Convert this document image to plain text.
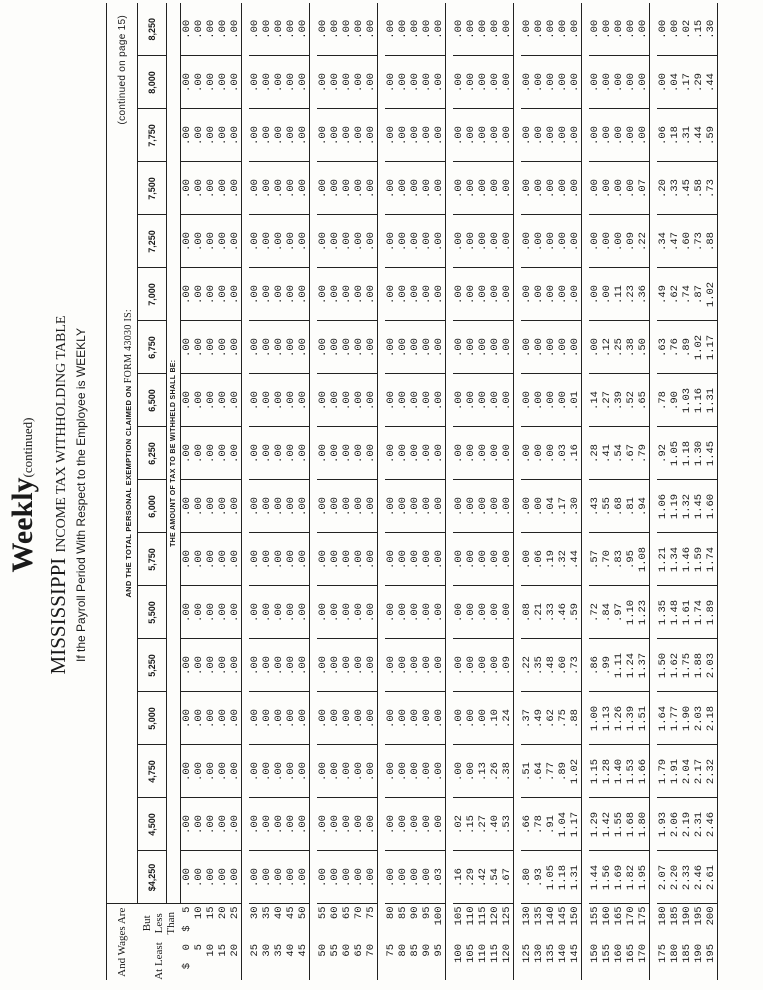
Weekly(continued)
MISSISSIPPI INCOME TAX WITHHOLDING TABLE If the Payroll Period With Respect to the Employee is WEEKLY
And Wages Are		AND THE TOTAL PERSONAL EXEMPTION CLAIMED ON FORM 43030 IS:
(continued on page 15)																

At Least	But Less Than	$4,250	4,500	4,750	5,000	5,250	5,500	5,750	6,000	6,250	6,500	6,750	7,000	7,250	7,500	7,750	8,000	8,250
		THE AMOUNT OF TAX TO BE WITHHELD SHALL BE:																
$  0	$  5	.00	.00	.00	.00	.00	.00	.00	.00	.00	.00	.00	.00	.00	.00	.00	.00	.00
5	10	.00	.00	.00	.00	.00	.00	.00	.00	.00	.00	.00	.00	.00	.00	.00	.00	.00
10	15	.00	.00	.00	.00	.00	.00	.00	.00	.00	.00	.00	.00	.00	.00	.00	.00	.00
15	20	.00	.00	.00	.00	.00	.00	.00	.00	.00	.00	.00	.00	.00	.00	.00	.00	.00
20	25	.00	.00	.00	.00	.00	.00	.00	.00	.00	.00	.00	.00	.00	.00	.00	.00	.00

25	30	.00	.00	.00	.00	.00	.00	.00	.00	.00	.00	.00	.00	.00	.00	.00	.00	.00
30	35	.00	.00	.00	.00	.00	.00	.00	.00	.00	.00	.00	.00	.00	.00	.00	.00	.00
35	40	.00	.00	.00	.00	.00	.00	.00	.00	.00	.00	.00	.00	.00	.00	.00	.00	.00
40	45	.00	.00	.00	.00	.00	.00	.00	.00	.00	.00	.00	.00	.00	.00	.00	.00	.00
45	50	.00	.00	.00	.00	.00	.00	.00	.00	.00	.00	.00	.00	.00	.00	.00	.00	.00

50	55	.00	.00	.00	.00	.00	.00	.00	.00	.00	.00	.00	.00	.00	.00	.00	.00	.00
55	60	.00	.00	.00	.00	.00	.00	.00	.00	.00	.00	.00	.00	.00	.00	.00	.00	.00
60	65	.00	.00	.00	.00	.00	.00	.00	.00	.00	.00	.00	.00	.00	.00	.00	.00	.00
65	70	.00	.00	.00	.00	.00	.00	.00	.00	.00	.00	.00	.00	.00	.00	.00	.00	.00
70	75	.00	.00	.00	.00	.00	.00	.00	.00	.00	.00	.00	.00	.00	.00	.00	.00	.00

75	80	.00	.00	.00	.00	.00	.00	.00	.00	.00	.00	.00	.00	.00	.00	.00	.00	.00
80	85	.00	.00	.00	.00	.00	.00	.00	.00	.00	.00	.00	.00	.00	.00	.00	.00	.00
85	90	.00	.00	.00	.00	.00	.00	.00	.00	.00	.00	.00	.00	.00	.00	.00	.00	.00
90	95	.00	.00	.00	.00	.00	.00	.00	.00	.00	.00	.00	.00	.00	.00	.00	.00	.00
95	100	.03	.00	.00	.00	.00	.00	.00	.00	.00	.00	.00	.00	.00	.00	.00	.00	.00

100	105	.16	.02	.00	.00	.00	.00	.00	.00	.00	.00	.00	.00	.00	.00	.00	.00	.00
105	110	.29	.15	.00	.00	.00	.00	.00	.00	.00	.00	.00	.00	.00	.00	.00	.00	.00
110	115	.42	.27	.13	.00	.00	.00	.00	.00	.00	.00	.00	.00	.00	.00	.00	.00	.00
115	120	.54	.40	.26	.10	.00	.00	.00	.00	.00	.00	.00	.00	.00	.00	.00	.00	.00
120	125	.67	.53	.38	.24	.09	.00	.00	.00	.00	.00	.00	.00	.00	.00	.00	.00	.00

125	130	.80	.66	.51	.37	.22	.08	.00	.00	.00	.00	.00	.00	.00	.00	.00	.00	.00
130	135	.93	.78	.64	.49	.35	.21	.06	.00	.00	.00	.00	.00	.00	.00	.00	.00	.00
135	140	1.05	.91	.77	.62	.48	.33	.19	.04	.00	.00	.00	.00	.00	.00	.00	.00	.00
140	145	1.18	1.04	.89	.75	.60	.46	.32	.17	.03	.00	.00	.00	.00	.00	.00	.00	.00
145	150	1.31	1.17	1.02	.88	.73	.59	.44	.30	.16	.01	.00	.00	.00	.00	.00	.00	.00

150	155	1.44	1.29	1.15	1.00	.86	.72	.57	.43	.28	.14	.00	.00	.00	.00	.00	.00	.00
155	160	1.56	1.42	1.28	1.13	.99	.84	.70	.55	.41	.27	.12	.00	.00	.00	.00	.00	.00
160	165	1.69	1.55	1.40	1.26	1.11	.97	.83	.68	.54	.39	.25	.11	.00	.00	.00	.00	.00
165	170	1.82	1.68	1.53	1.39	1.24	1.10	.95	.81	.67	.52	.38	.23	.09	.00	.00	.00	.00
170	175	1.95	1.80	1.66	1.51	1.37	1.23	1.08	.94	.79	.65	.50	.36	.22	.07	.00	.00	.00

175	180	2.07	1.93	1.79	1.64	1.50	1.35	1.21	1.06	.92	.78	.63	.49	.34	.20	.06	.00	.00
180	185	2.20	2.06	1.91	1.77	1.62	1.48	1.34	1.19	1.05	.90	.76	.62	.47	.33	.18	.04	.00
185	190	2.33	2.19	2.04	1.90	1.75	1.61	1.46	1.32	1.18	1.03	.89	.74	.60	.45	.31	.17	.02
190	195	2.46	2.31	2.17	2.03	1.88	1.74	1.59	1.45	1.30	1.16	1.02	.87	.73	.58	.44	.29	.15
195	200	2.61	2.46	2.32	2.18	2.03	1.89	1.74	1.60	1.45	1.31	1.17	1.02	.88	.73	.59	.44	.30
